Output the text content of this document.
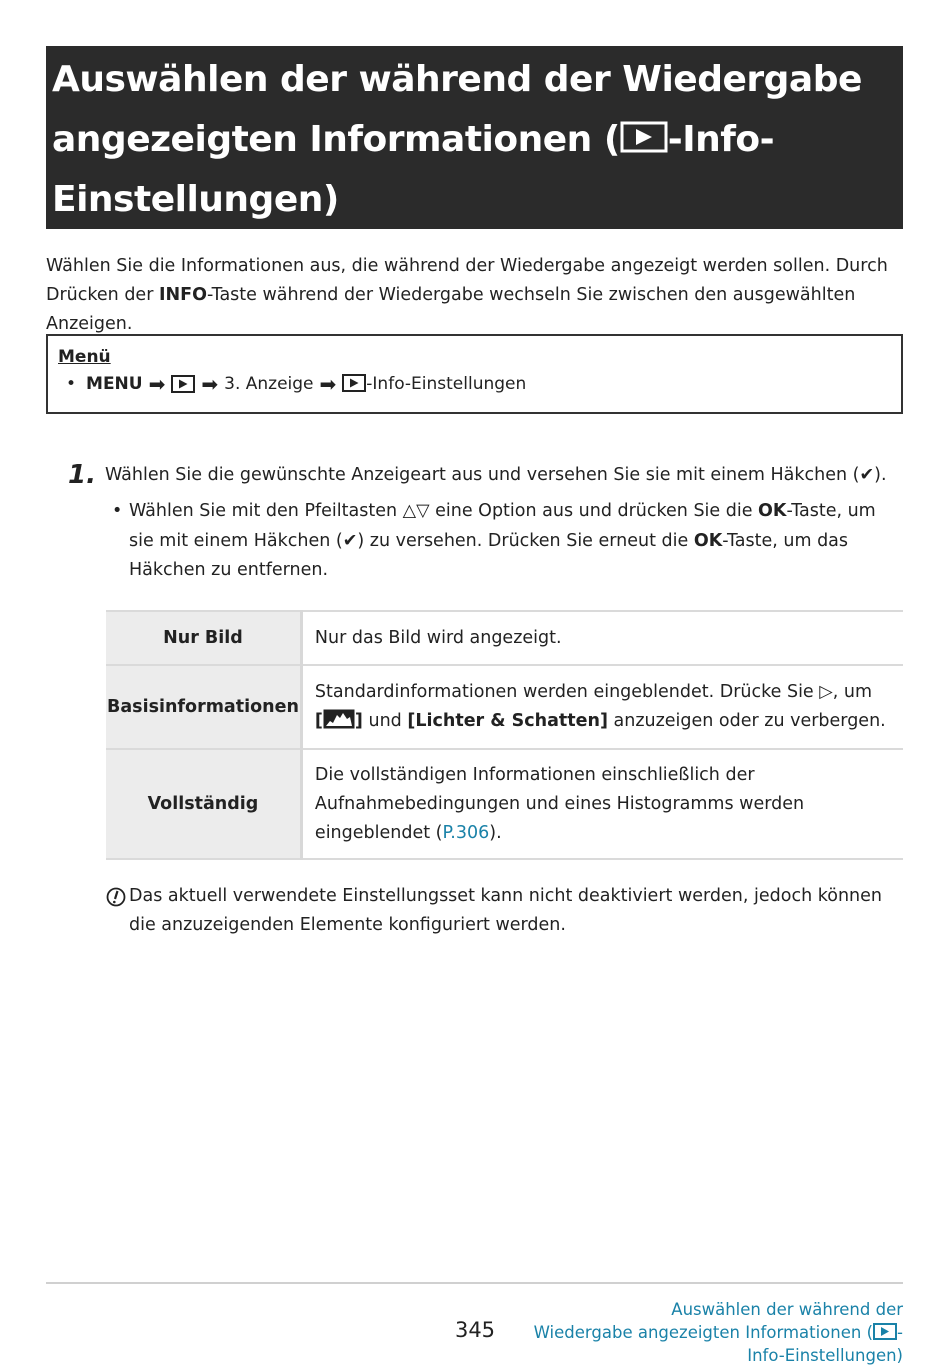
Auswählen der während der Wiedergabe
angezeigten Informationen ( -Info-
Einstellungen)
Wählen Sie die Informationen aus, die während der Wiedergabe angezeigt werden sollen. Durch Drücken der INFO-Taste während der Wiedergabe wechseln Sie zwischen den ausgewählten Anzeigen.
Menü
• MENU ➡ ➡ 3. Anzeige ➡	-Info-Einstellungen
1. Wählen Sie die gewünschte Anzeigeart aus und versehen Sie sie mit einem Häkchen (✔).
• Wählen Sie mit den Pfeiltasten △▽ eine Option aus und drücken Sie die OK-Taste, um sie mit einem Häkchen (✔) zu versehen. Drücken Sie erneut die OK-Taste, um das Häkchen zu entfernen.
Nur Bild	Nur das Bild wird angezeigt.
Basisinformationen	Standardinformationen werden eingeblendet. Drücke Sie ▷, um
[ ] und [Lichter & Schatten] anzuzeigen oder zu verbergen.
Vollständig	Die vollständigen Informationen einschließlich der Aufnahmebedingungen und eines Histogramms werden eingeblendet (P.306).
Das aktuell verwendete Einstellungsset kann nicht deaktiviert werden, jedoch können die anzuzeigenden Elemente konfiguriert werden.
345
Auswählen der während der
Wiedergabe angezeigten Informationen ( -
Info-Einstellungen)
